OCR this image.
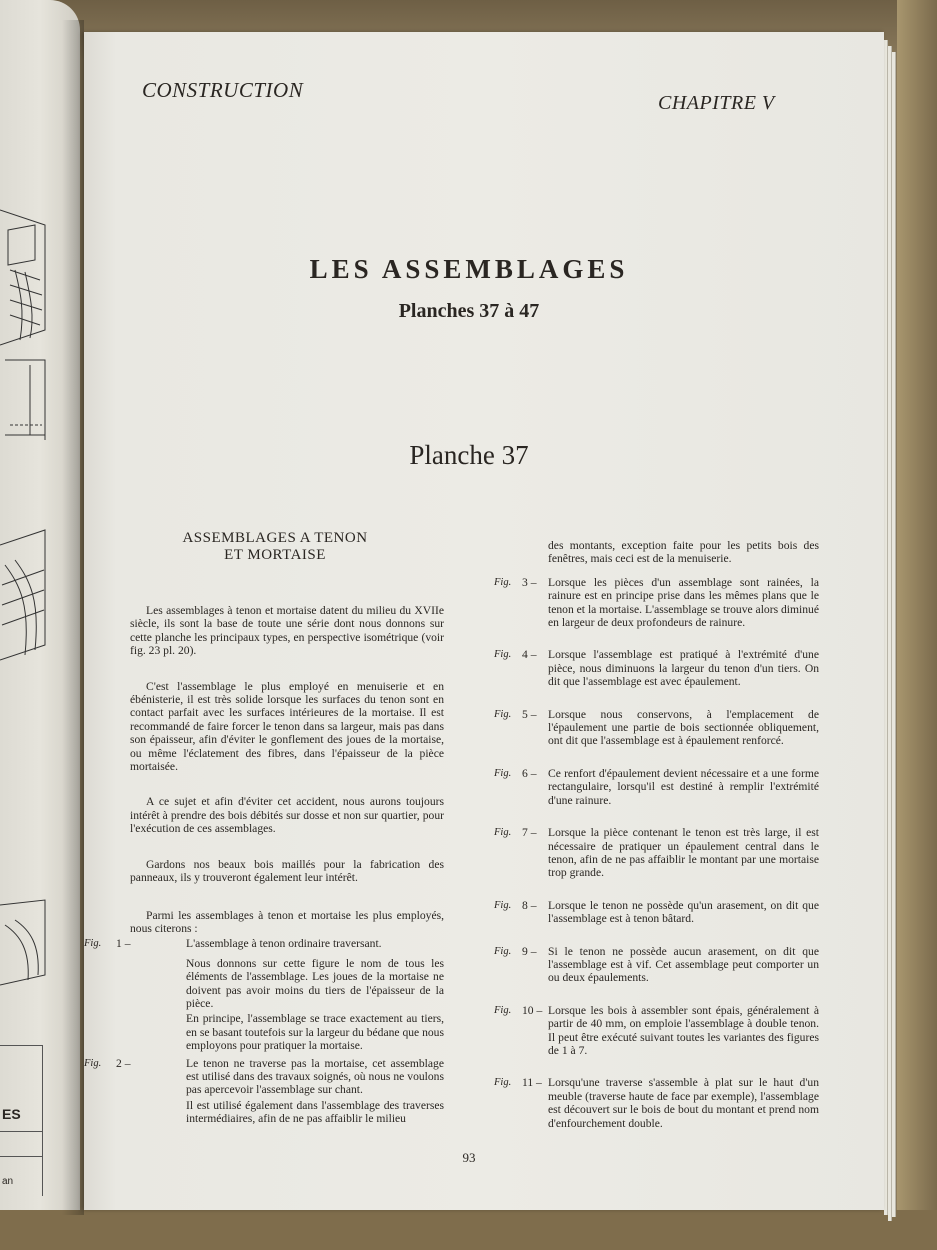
ES
an
CONSTRUCTION
CHAPITRE V
LES ASSEMBLAGES
Planches 37 à 47
Planche 37
ASSEMBLAGES A TENON
ET MORTAISE

Les assemblages à tenon et mortaise datent du milieu du XVIIe siècle, ils sont la base de toute une série dont nous donnons sur cette planche les principaux types, en perspective isométrique (voir fig. 23 pl. 20).

C'est l'assemblage le plus employé en menuiserie et en ébénisterie, il est très solide lorsque les surfaces du tenon sont en contact parfait avec les surfaces intérieures de la mortaise. Il est recommandé de faire forcer le tenon dans sa largeur, mais pas dans son épaisseur, afin d'éviter le gonflement des joues de la mortaise, ou même l'éclatement des fibres, dans l'épaisseur de la pièce mortaisée.

A ce sujet et afin d'éviter cet accident, nous aurons toujours intérêt à prendre des bois débités sur dosse et non sur quartier, pour l'exécution de ces assemblages.

Gardons nos beaux bois maillés pour la fabrication des panneaux, ils y trouveront également leur intérêt.

Parmi les assemblages à tenon et mortaise les plus employés, nous citerons :

Fig. 1 –	L'assemblage à tenon ordinaire traversant.

Nous donnons sur cette figure le nom de tous les éléments de l'assemblage. Les joues de la mortaise ne doivent pas avoir moins du tiers de l'épaisseur de la pièce.

En principe, l'assemblage se trace exactement au tiers, en se basant toutefois sur la largeur du bédane que nous employons pour pratiquer la mortaise.

Fig. 2 –	Le tenon ne traverse pas la mortaise, cet assemblage est utilisé dans des travaux soignés, où nous ne voulons pas apercevoir l'assemblage sur chant.

Il est utilisé également dans l'assemblage des traverses intermédiaires, afin de ne pas affaiblir le milieu

des montants, exception faite pour les petits bois des fenêtres, mais ceci est de la menuiserie.

Fig. 3 – Lorsque les pièces d'un assemblage sont rainées, la rainure est en principe prise dans les mêmes plans que le tenon et la mortaise. L'assemblage se trouve alors diminué en largeur de deux profondeurs de rainure.
Fig. 4 – Lorsque l'assemblage est pratiqué à l'extrémité d'une pièce, nous diminuons la largeur du tenon d'un tiers. On dit que l'assemblage est avec épaulement.
Fig. 5 – Lorsque nous conservons, à l'emplacement de l'épaulement une partie de bois sectionnée obliquement, ont dit que l'assemblage est à épaulement renforcé.
Fig. 6 – Ce renfort d'épaulement devient nécessaire et a une forme rectangulaire, lorsqu'il est destiné à remplir l'extrémité d'une rainure.
Fig. 7 – Lorsque la pièce contenant le tenon est très large, il est nécessaire de pratiquer un épaulement central dans le tenon, afin de ne pas affaiblir le montant par une mortaise trop grande.
Fig. 8 – Lorsque le tenon ne possède qu'un arasement, on dit que l'assemblage est à tenon bâtard.
Fig. 9 – Si le tenon ne possède aucun arasement, on dit que l'assemblage est à vif. Cet assemblage peut comporter un ou deux épaulements.
Fig. 10 – Lorsque les bois à assembler sont épais, généralement à partir de 40 mm, on emploie l'assemblage à double tenon. Il peut être exécuté suivant toutes les variantes des figures de 1 à 7.
Fig. 11 – Lorsqu'une traverse s'assemble à plat sur le haut d'un meuble (traverse haute de face par exemple), l'assemblage est découvert sur le bois de bout du montant et prend nom d'enfourchement double.
93
